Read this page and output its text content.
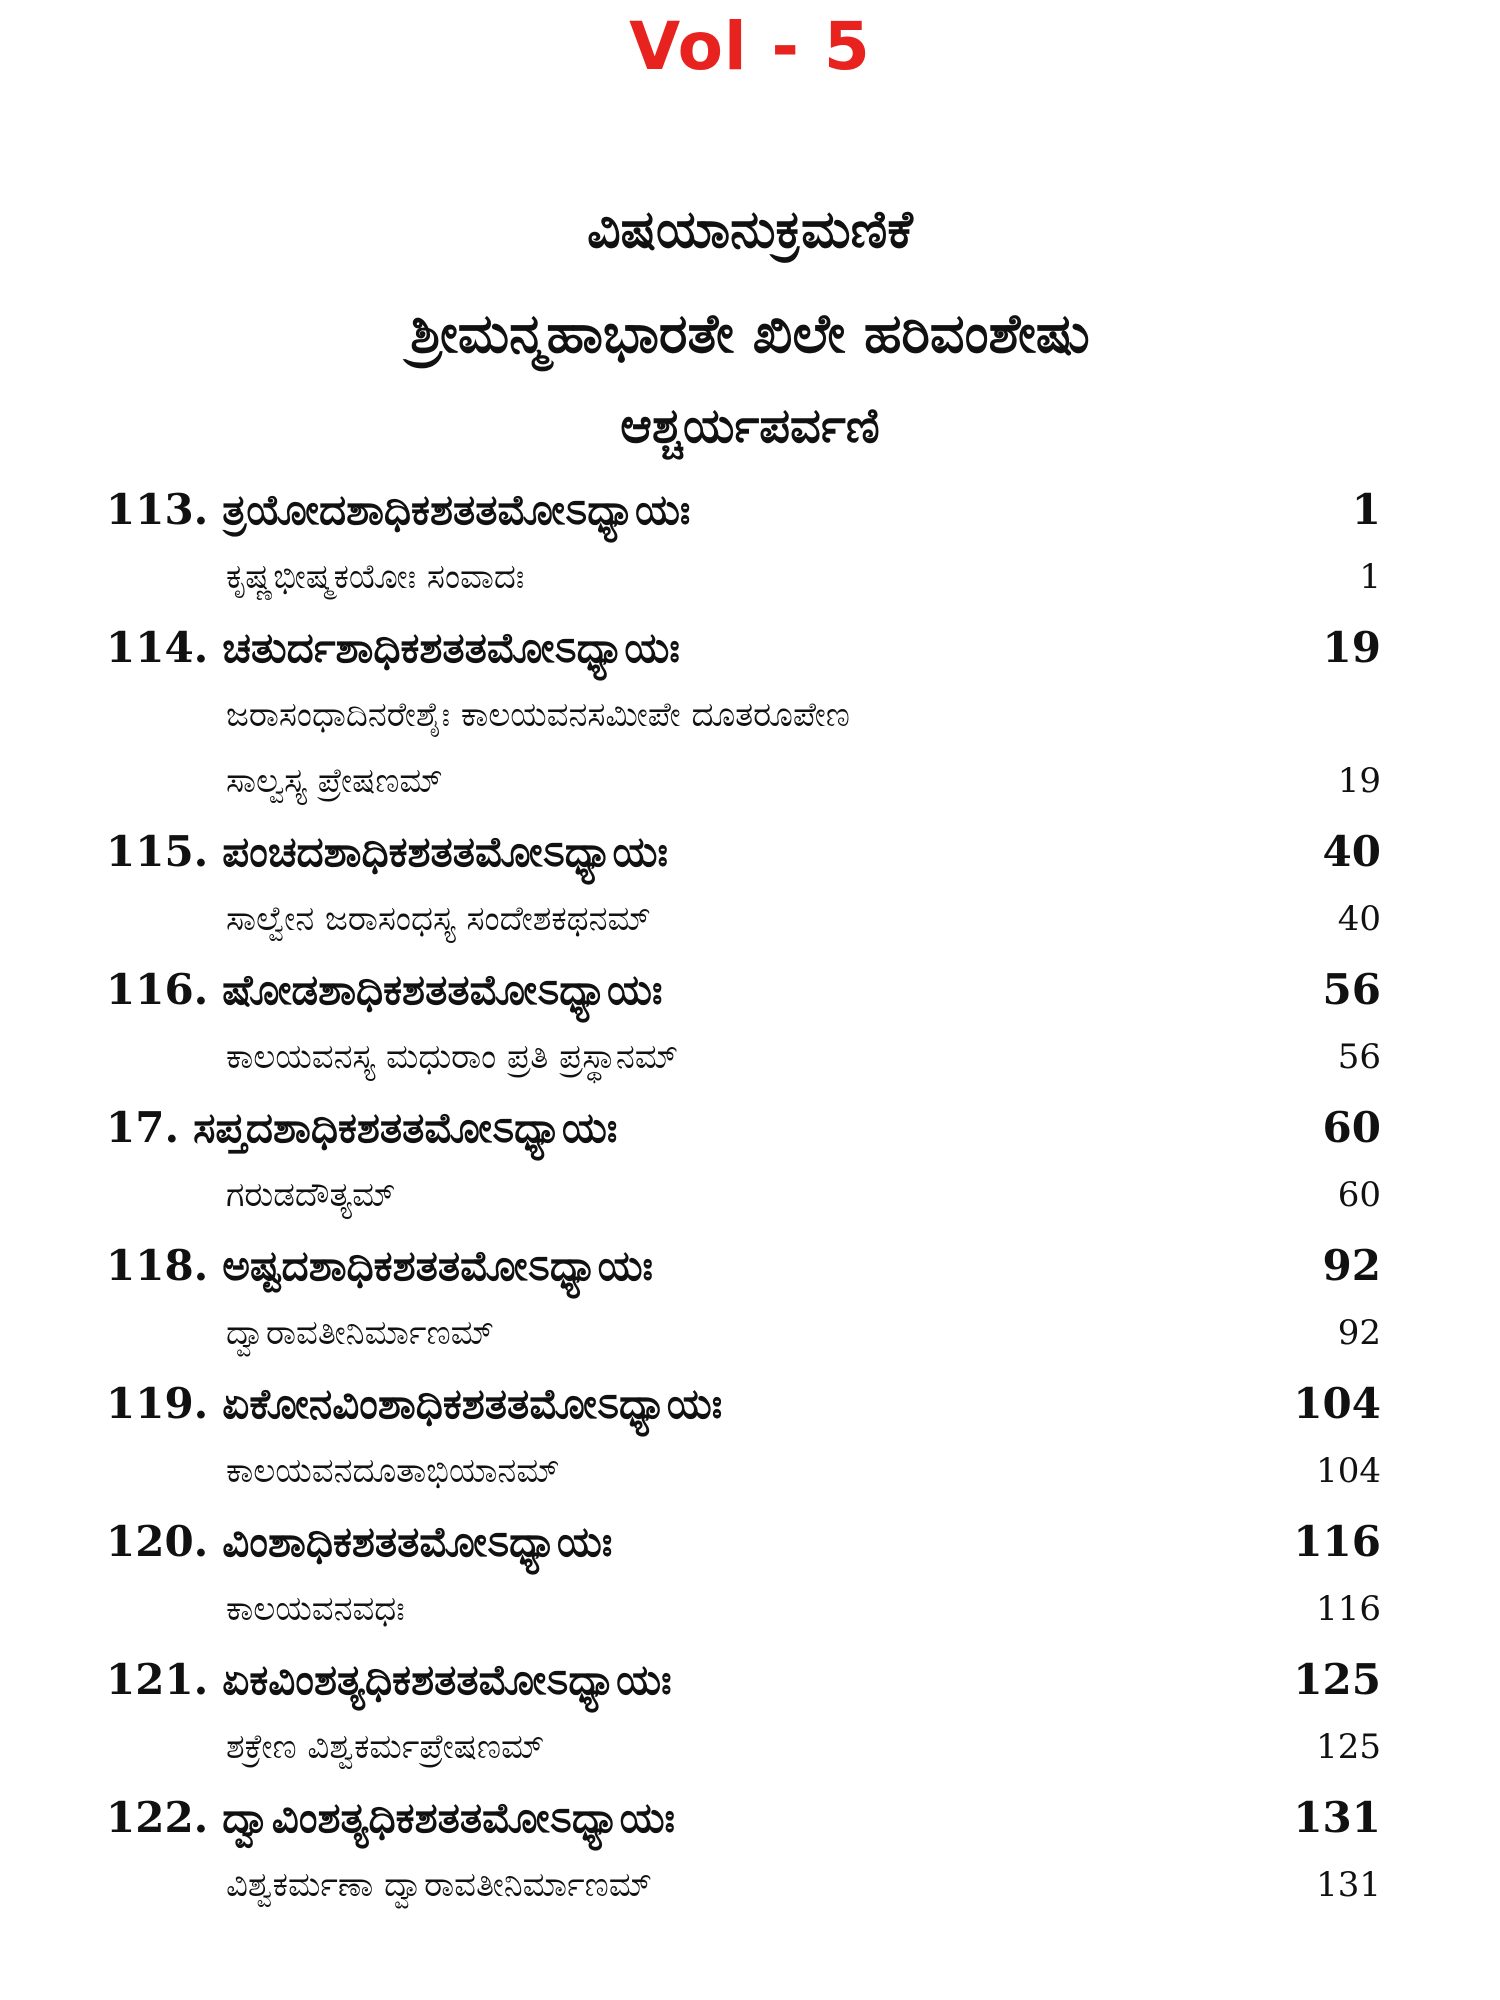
Vol - 5
ವಿಷಯಾನುಕ್ರಮಣಿಕೆ
ಶ್ರೀಮನ್ಮಹಾಭಾರತೇ ಖಿಲೇ ಹರಿವಂಶೇಷು
ಆಶ್ಚರ್ಯಪರ್ವಣಿ
113. ತ್ರಯೋದಶಾಧಿಕಶತತಮೋಽಧ್ಯಾಯಃ	1
ಕೃಷ್ಣಭೀಷ್ಮಕಯೋಃ ಸಂವಾದಃ	1
114. ಚತುರ್ದಶಾಧಿಕಶತತಮೋಽಧ್ಯಾಯಃ	19
ಜರಾಸಂಧಾದಿನರೇಶೈಃ ಕಾಲಯವನಸಮೀಪೇ ದೂತರೂಪೇಣ
ಸಾಲ್ವಸ್ಯ ಪ್ರೇಷಣಮ್	19
115. ಪಂಚದಶಾಧಿಕಶತತಮೋಽಧ್ಯಾಯಃ	40
ಸಾಲ್ವೇನ ಜರಾಸಂಧಸ್ಯ ಸಂದೇಶಕಥನಮ್	40
116. ಷೋಡಶಾಧಿಕಶತತಮೋಽಧ್ಯಾಯಃ	56
ಕಾಲಯವನಸ್ಯ ಮಧುರಾಂ ಪ್ರತಿ ಪ್ರಸ್ಥಾನಮ್	56
17. ಸಪ್ತದಶಾಧಿಕಶತತಮೋಽಧ್ಯಾಯಃ	60
ಗರುಡದೌತ್ಯಮ್	60
118. ಅಷ್ಟದಶಾಧಿಕಶತತಮೋಽಧ್ಯಾಯಃ	92
ದ್ವಾರಾವತೀನಿರ್ಮಾಣಮ್	92
119. ಏಕೋನವಿಂಶಾಧಿಕಶತತಮೋಽಧ್ಯಾಯಃ	104
ಕಾಲಯವನದೂತಾಭಿಯಾನಮ್	104
120. ವಿಂಶಾಧಿಕಶತತಮೋಽಧ್ಯಾಯಃ	116
ಕಾಲಯವನವಧಃ	116
121. ಏಕವಿಂಶತ್ಯಧಿಕಶತತಮೋಽಧ್ಯಾಯಃ	125
ಶಕ್ರೇಣ ವಿಶ್ವಕರ್ಮಪ್ರೇಷಣಮ್	125
122. ದ್ವಾವಿಂಶತ್ಯಧಿಕಶತತಮೋಽಧ್ಯಾಯಃ	131
ವಿಶ್ವಕರ್ಮಣಾ ದ್ವಾರಾವತೀನಿರ್ಮಾಣಮ್	131
